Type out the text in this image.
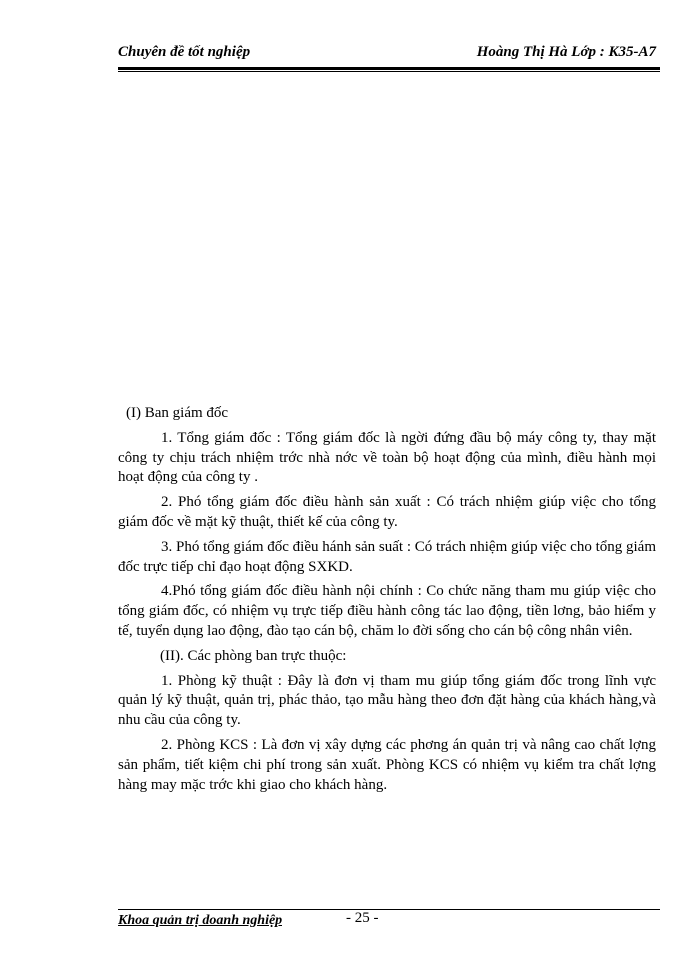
Chuyên đề tốt nghiệp	Hoàng Thị Hà Lớp : K35-A7

(I) Ban giám đốc

1. Tổng giám đốc : Tổng giám đốc là ngời đứng đầu bộ máy công ty, thay mặt công ty chịu trách nhiệm trớc nhà nớc về toàn bộ hoạt động của mình, điều hành mọi hoạt động của công ty .

2. Phó tổng giám đốc điều hành sản xuất : Có trách nhiệm giúp việc cho tổng giám đốc về mặt kỹ thuật, thiết kế của công ty.

3. Phó tổng giám đốc điều hánh sản suất : Có trách nhiệm giúp việc cho tổng giám đốc trực tiếp chỉ đạo hoạt động SXKD.

4.Phó tổng giám đốc điều hành nội chính : Co chức năng tham mu giúp việc cho tổng giám đốc, có nhiệm vụ trực tiếp điều hành công tác lao động, tiền lơng, bảo hiểm y tế, tuyển dụng lao động, đào tạo cán bộ, chăm lo đời sống cho cán bộ công nhân viên.

(II). Các phòng ban trực thuộc:

1. Phòng kỹ thuật : Đây là đơn vị tham mu giúp tổng giám đốc trong lĩnh vực quản lý kỹ thuật, quản trị, phác thảo, tạo mẫu hàng theo đơn đặt hàng của khách hàng,và nhu cầu của công ty.

2. Phòng KCS : Là đơn vị xây dựng các phơng án quản trị và nâng cao chất lợng sản phẩm, tiết kiệm chi phí trong sản xuất. Phòng KCS có nhiệm vụ kiểm tra chất lợng hàng may mặc trớc khi giao cho khách hàng.

Khoa quản trị doanh nghiệp	- 25 -
